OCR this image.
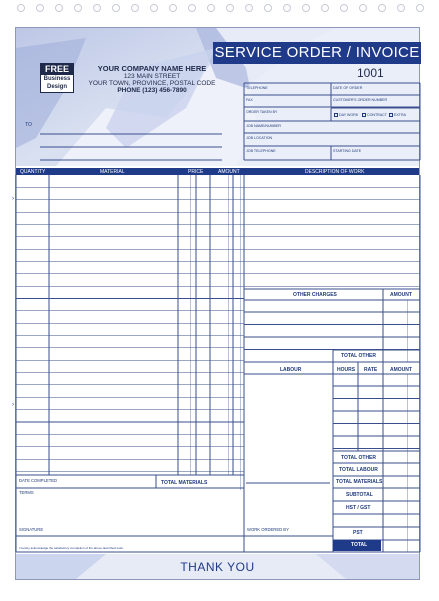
SERVICE ORDER / INVOICE
1001
FREE
Business
Design
YOUR COMPANY NAME HERE
123 MAIN STREET
YOUR TOWN, PROVINCE, POSTAL CODE
PHONE (123) 456-7890	TELEPHONE	DATE OF ORDER
FAX	CUSTOMER'S ORDER NUMBER
ORDER TAKEN BY
DAY WORK	CONTRACT	EXTRA
JOB NAME/NUMBER
JOB LOCATION
JOB TELEPHONE	STARTING DATE
TO
QUANTITY	MATERIAL	PRICE	AMOUNT	DESCRIPTION OF WORK
›
›
OTHER CHARGES	AMOUNT
TOTAL OTHER
LABOUR	HOURS RATE	AMOUNT
TOTAL OTHER
TOTAL LABOUR
TOTAL MATERIALS
SUBTOTAL
HST / GST
PST
TOTAL
DATE COMPLETED	TOTAL MATERIALS
TERMS
SIGNATURE	WORK ORDERED BY
I hereby acknowledge the satisfactory completion of the above described work.
THANK YOU
